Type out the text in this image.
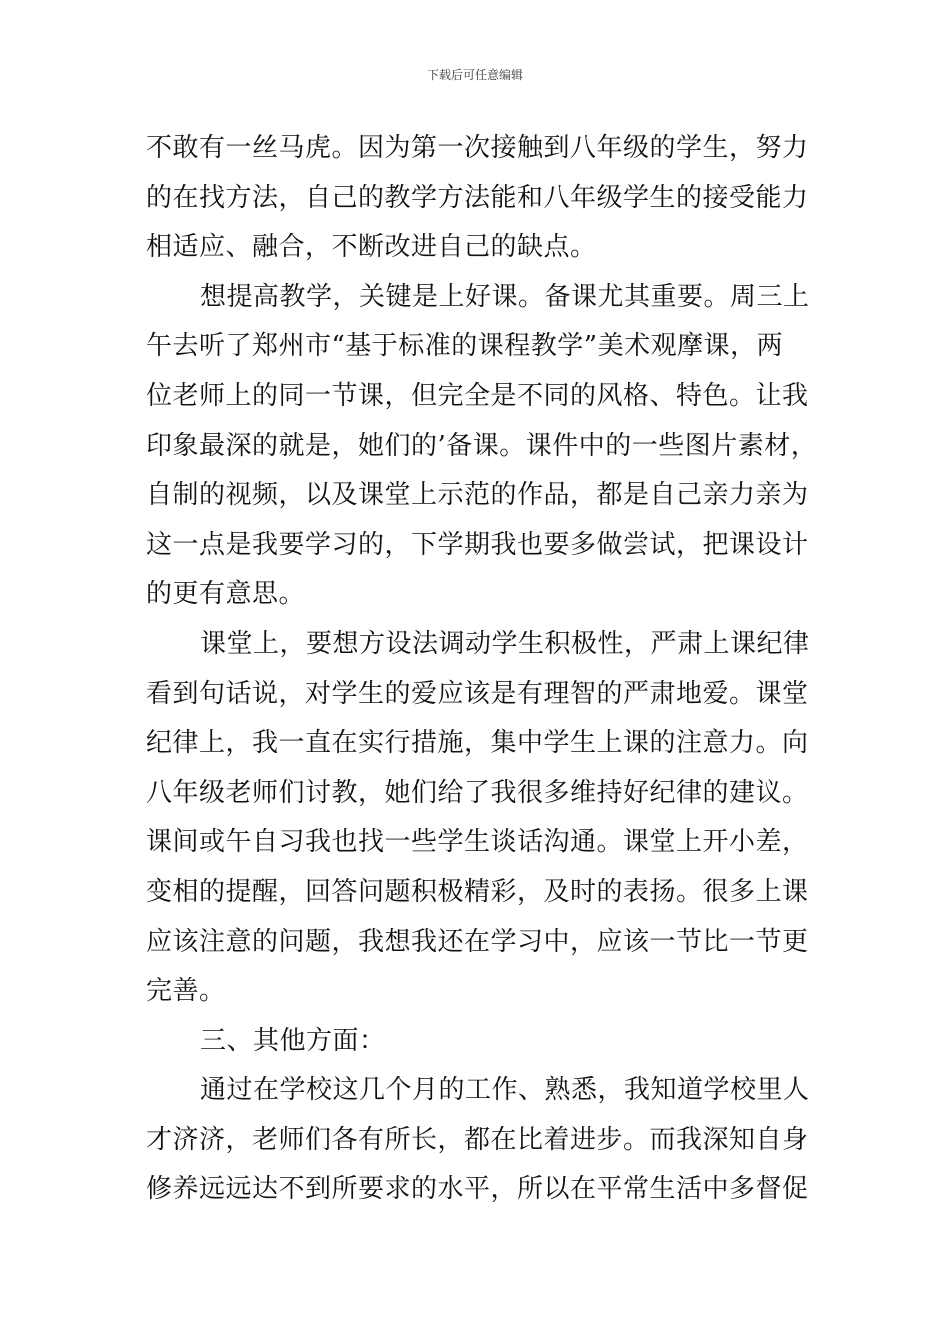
下载后可任意编辑
不敢有一丝马虎。因为第一次接触到八年级的学生，努力
的在找方法，自己的教学方法能和八年级学生的接受能力
相适应、融合，不断改进自己的缺点。
想提高教学，关键是上好课。备课尤其重要。周三上
午去听了郑州市“基于标准的课程教学”美术观摩课，两
位老师上的同一节课，但完全是不同的风格、特色。让我
印象最深的就是，她们的’备课。课件中的一些图片素材，
自制的视频，以及课堂上示范的作品，都是自己亲力亲为
这一点是我要学习的，下学期我也要多做尝试，把课设计
的更有意思。
课堂上，要想方设法调动学生积极性，严肃上课纪律
看到句话说，对学生的爱应该是有理智的严肃地爱。课堂
纪律上，我一直在实行措施，集中学生上课的注意力。向
八年级老师们讨教，她们给了我很多维持好纪律的建议。
课间或午自习我也找一些学生谈话沟通。课堂上开小差，
变相的提醒，回答问题积极精彩，及时的表扬。很多上课
应该注意的问题，我想我还在学习中，应该一节比一节更
完善。
三、其他方面：
通过在学校这几个月的工作、熟悉，我知道学校里人
才济济，老师们各有所长，都在比着进步。而我深知自身
修养远远达不到所要求的水平，所以在平常生活中多督促
